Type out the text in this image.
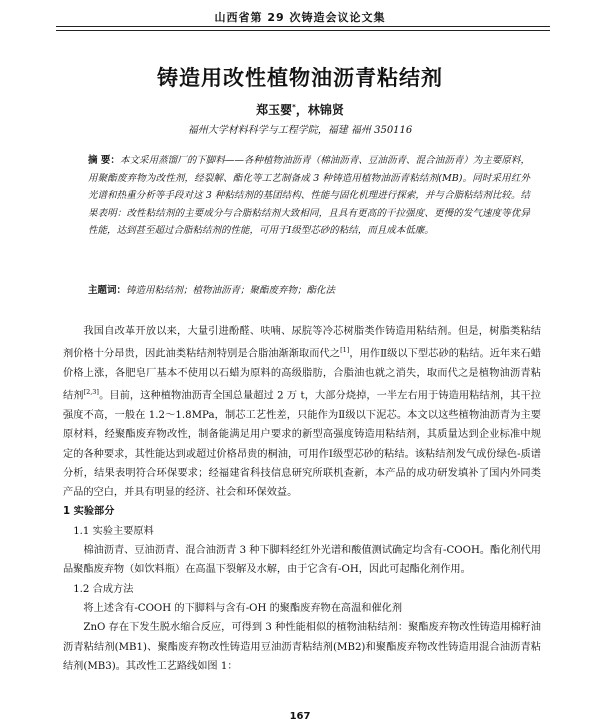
山西省第 29 次铸造会议论文集
铸造用改性植物油沥青粘结剂
郑玉婴*，林锦贤
福州大学材料科学与工程学院，福建 福州 350116
摘 要：本文采用蒸馏厂的下脚料——各种植物油沥青（棉油沥青、豆油沥青、混合油沥青）为主要原料，用聚酯废弃物为改性剂，经裂解、酯化等工艺制备成 3 种铸造用植物油沥青粘结剂(MB)。同时采用红外光谱和热重分析等手段对这 3 种粘结剂的基团结构、性能与固化机理进行探索，并与合脂粘结剂比较。结果表明：改性粘结剂的主要成分与合脂粘结剂大致相同，且具有更高的干拉强度、更慢的发气速度等优异性能，达到甚至超过合脂粘结剂的性能，可用于Ⅰ级型芯砂的粘结，而且成本低廉。
主题词：铸造用粘结剂；植物油沥青；聚酯废弃物；酯化法

我国自改革开放以来，大量引进酚醛、呋喃、尿脘等冷芯树脂类作铸造用粘结剂。但是，树脂类粘结剂价格十分昂贵，因此油类粘结剂特别是合脂油渐渐取而代之[1]，用作Ⅱ级以下型芯砂的粘结。近年来石蜡价格上涨，各肥皂厂基本不使用以石蜡为原料的高级脂肪，合脂油也就之消失，取而代之是植物油沥青粘结剂[2,3]。目前，这种植物油沥青全国总量超过 2 万 t，大部分烧掉，一半左右用于铸造用粘结剂，其干拉强度不高，一般在 1.2～1.8MPa，制芯工艺性差，只能作为Ⅱ级以下泥芯。本文以这些植物油沥青为主要原材料，经聚酯废弃物改性，制备能满足用户要求的新型高强度铸造用粘结剂，其质量达到企业标准中规定的各种要求，其性能达到或超过价格昂贵的桐油，可用作Ⅰ级型芯砂的粘结。该粘结剂发气成份绿色-质谱分析，结果表明符合环保要求；经福建省科技信息研究所联机查新，本产品的成功研发填补了国内外同类产品的空白，并具有明显的经济、社会和环保效益。

1 实验部分

1.1 实验主要原料

棉油沥青、豆油沥青、混合油沥青 3 种下脚料经红外光谱和酸值测试确定均含有-COOH。酯化剂代用品聚酯废弃物（如饮料瓶）在高温下裂解及水解，由于它含有-OH，因此可起酯化剂作用。

1.2 合成方法

将上述含有-COOH 的下脚料与含有-OH 的聚酯废弃物在高温和催化剂

ZnO 存在下发生脱水缩合反应，可得到 3 种性能相似的植物油粘结剂：聚酯废弃物改性铸造用棉籽油沥青粘结剂(MB1)、聚酯废弃物改性铸造用豆油沥青粘结剂(MB2)和聚酯废弃物改性铸造用混合油沥青粘结剂(MB3)。其改性工艺路线如图 1：

167
